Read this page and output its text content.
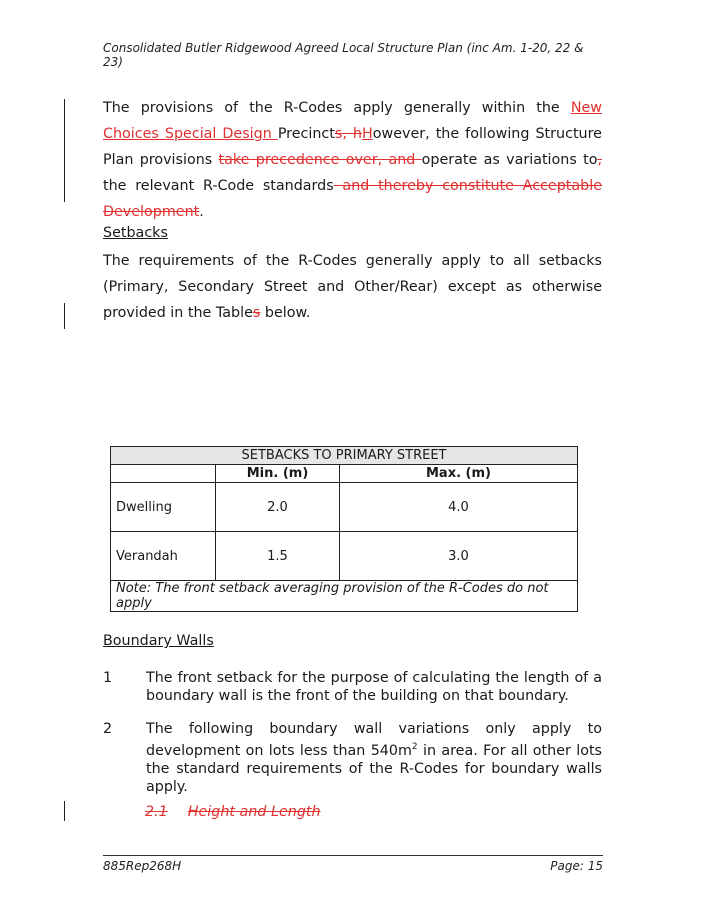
Consolidated Butler Ridgewood Agreed Local Structure Plan (inc Am. 1-20, 22 & 23)
The provisions of the R-Codes apply generally within the New Choices Special Design Precincts, hHowever, the following Structure Plan provisions take precedence over, and operate as variations to, the relevant R-Code standards and thereby constitute Acceptable Development.
Setbacks
The requirements of the R-Codes generally apply to all setbacks (Primary, Secondary Street and Other/Rear) except as otherwise provided in the Tables below.
SETBACKS TO PRIMARY STREET		
	Min. (m)	Max. (m)
Dwelling	2.0	4.0
Verandah	1.5	3.0
Note: The front setback averaging provision of the R-Codes do not apply		
Boundary Walls
1 The front setback for the purpose of calculating the length of a boundary wall is the front of the building on that boundary.
2 The following boundary wall variations only apply to development on lots less than $540m^2$ in area. For all other lots the standard requirements of the R-Codes for boundary walls apply.
2.1 Height and Length
885Rep268H	Page: 15
